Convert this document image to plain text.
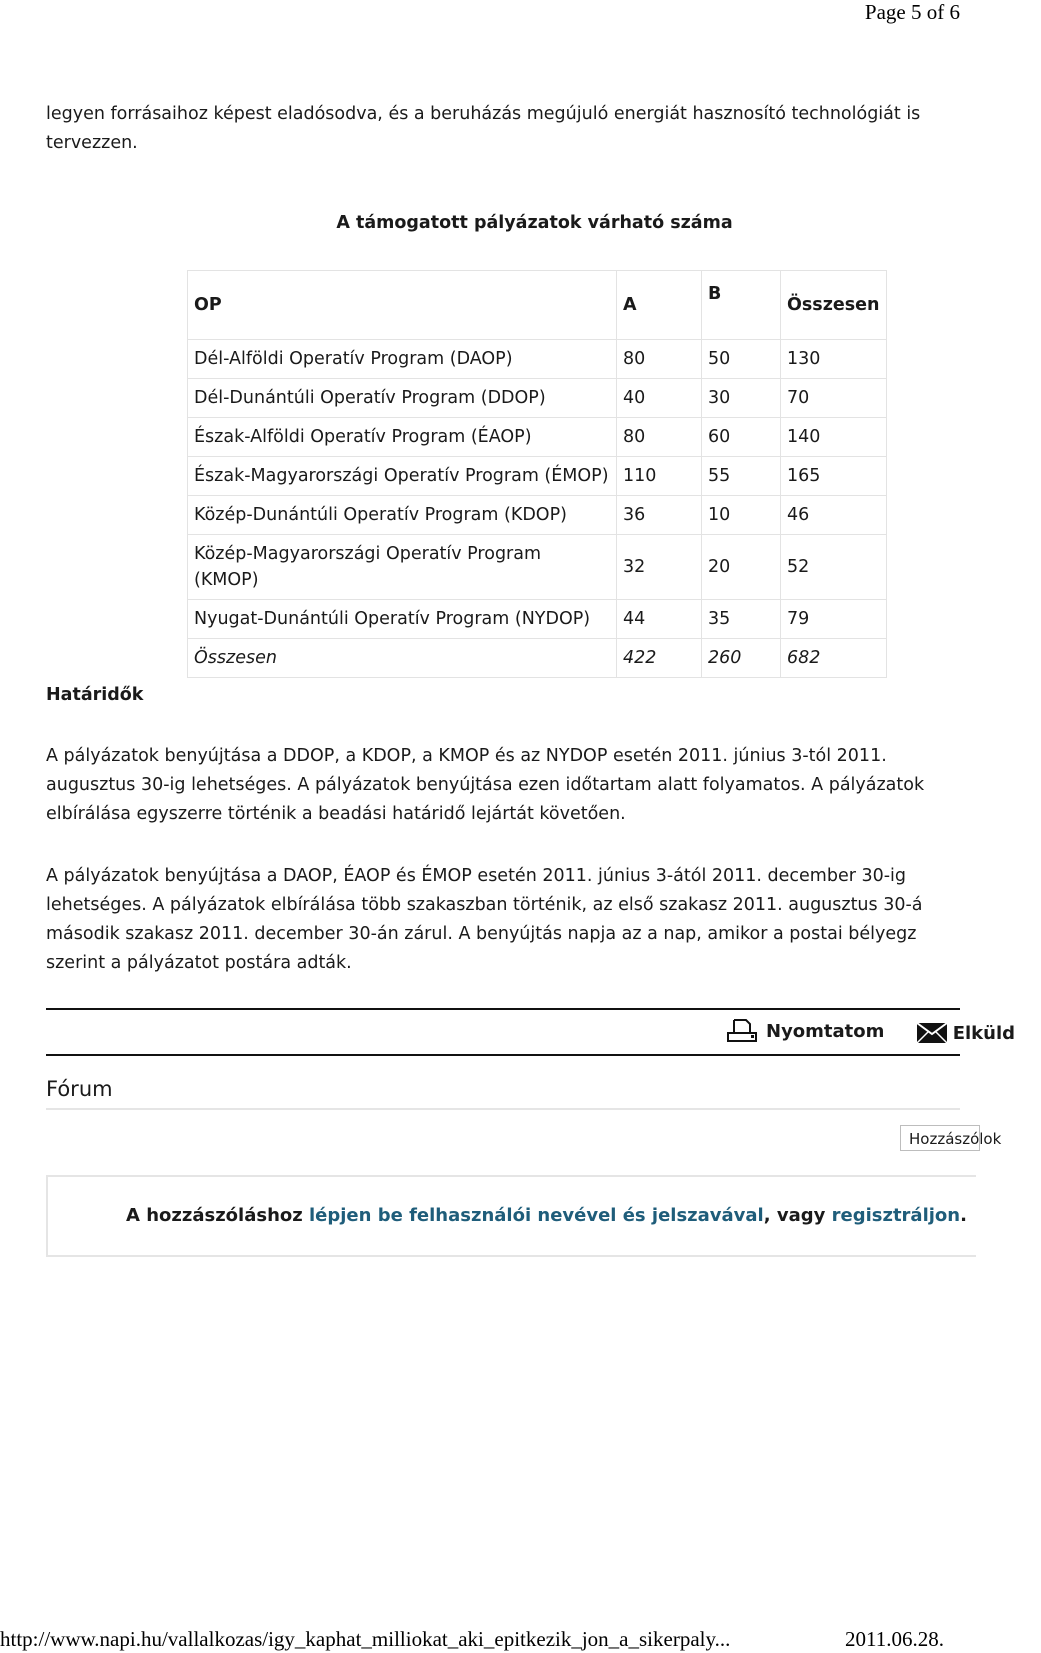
Page 5 of 6
legyen forrásaihoz képest eladósodva, és a beruházás megújuló energiát hasznosító technológiát is
tervezzen.
A támogatott pályázatok várható száma
OP	A	B	Összesen
Dél-Alföldi Operatív Program (DAOP)	80	50	130
Dél-Dunántúli Operatív Program (DDOP)	40	30	70
Észak-Alföldi Operatív Program (ÉAOP)	80	60	140
Észak-Magyarországi Operatív Program (ÉMOP)	110	55	165
Közép-Dunántúli Operatív Program (KDOP)	36	10	46
Közép-Magyarországi Operatív Program (KMOP)	32	20	52
Nyugat-Dunántúli Operatív Program (NYDOP)	44	35	79
Összesen	422	260	682
Határidők
A pályázatok benyújtása a DDOP, a KDOP, a KMOP és az NYDOP esetén 2011. június 3-tól 2011.
augusztus 30-ig lehetséges. A pályázatok benyújtása ezen időtartam alatt folyamatos. A pályázatok
elbírálása egyszerre történik a beadási határidő lejártát követően.
A pályázatok benyújtása a DAOP, ÉAOP és ÉMOP esetén 2011. június 3-ától 2011. december 30-ig
lehetséges. A pályázatok elbírálása több szakaszban történik, az első szakasz 2011. augusztus 30-á
második szakasz 2011. december 30-án zárul. A benyújtás napja az a nap, amikor a postai bélyegz
szerint a pályázatot postára adták.
Nyomtatom
	Elküld
Fórum
Hozzászólok
A hozzászóláshoz lépjen be felhasználói nevével és jelszavával, vagy regisztráljon.
http://www.napi.hu/vallalkozas/igy_kaphat_milliokat_aki_epitkezik_jon_a_sikerpaly...	2011.06.28.
